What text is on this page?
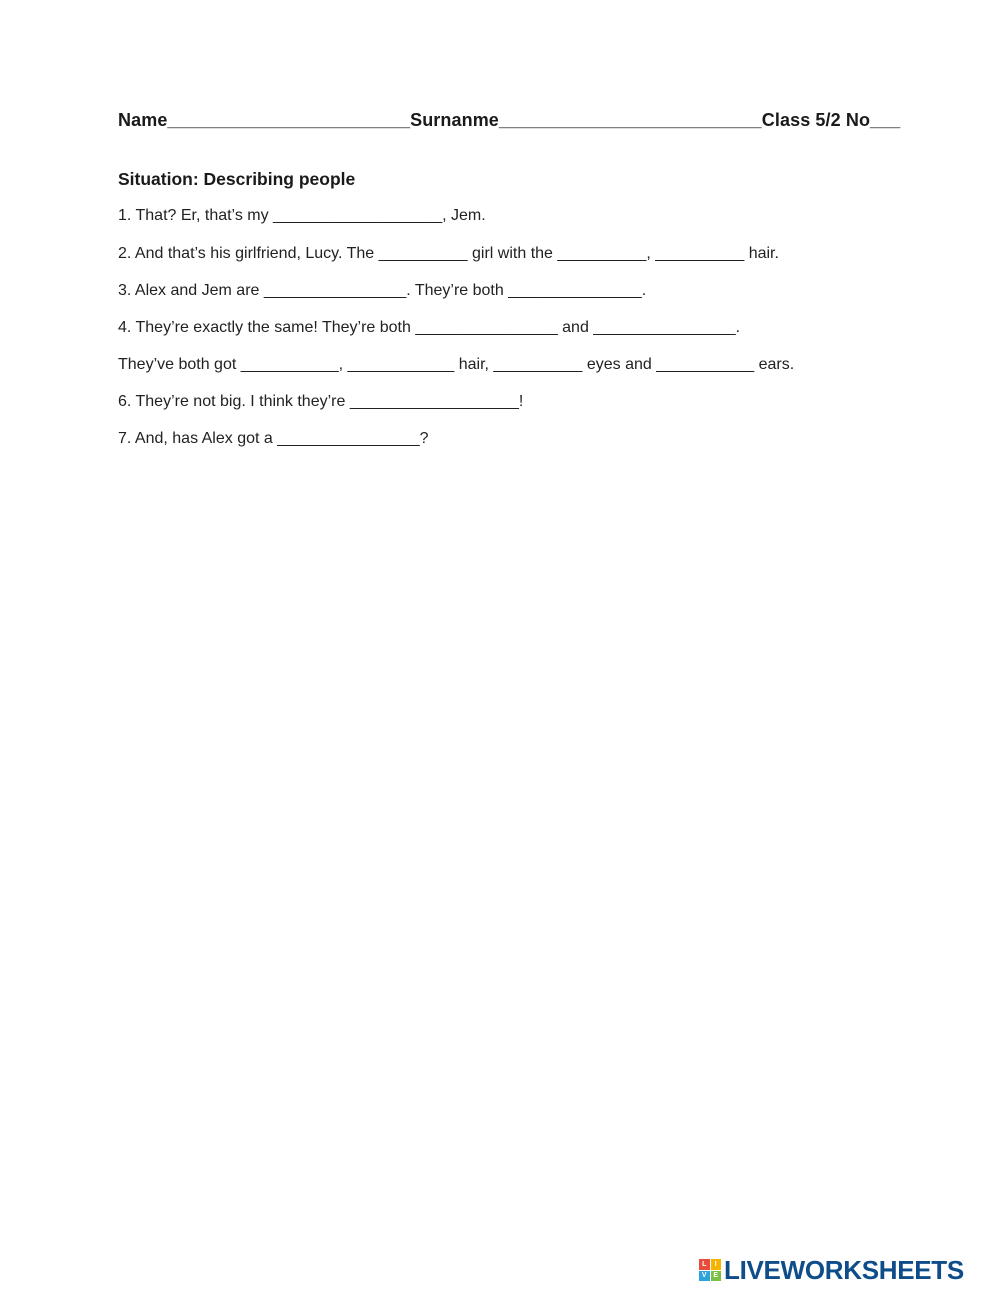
Name________________________Surnanme__________________________Class 5/2 No___
Situation: Describing people
1. That? Er, that’s my ___________________, Jem.
2. And that’s his girlfriend, Lucy. The __________ girl with the __________, __________ hair.
3. Alex and Jem are ________________. They’re both _______________.
4. They’re exactly the same! They’re both ________________ and ________________.
They’ve both got ___________, ____________ hair, __________ eyes and ___________ ears.
6. They’re not big. I think they’re ___________________!
7. And, has Alex got a ________________?
L	I
V E LIVEWORKSHEETS
